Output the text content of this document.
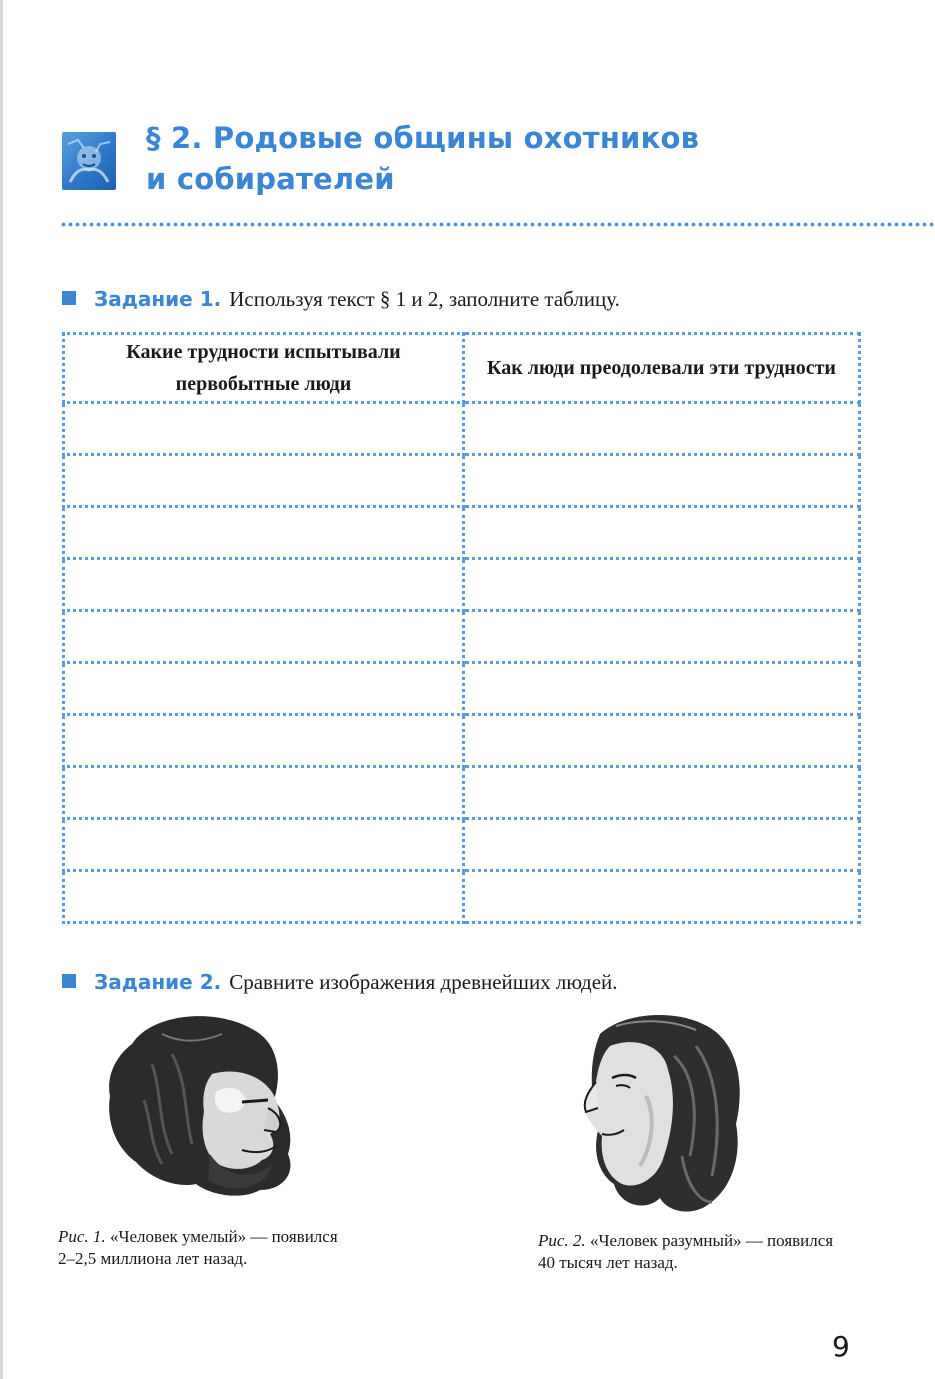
§ 2. Родовые общины охотников
и собирателей
Задание 1. Используя текст § 1 и 2, заполните таблицу.
Какие трудности испытывали первобытные люди	Как люди преодолевали эти трудности

Задание 2. Сравните изображения древнейших людей.
Рис. 1. «Человек умелый» — появился 2–2,5 миллиона лет назад.
Рис. 2. «Человек разумный» — появился 40 тысяч лет назад.
9
